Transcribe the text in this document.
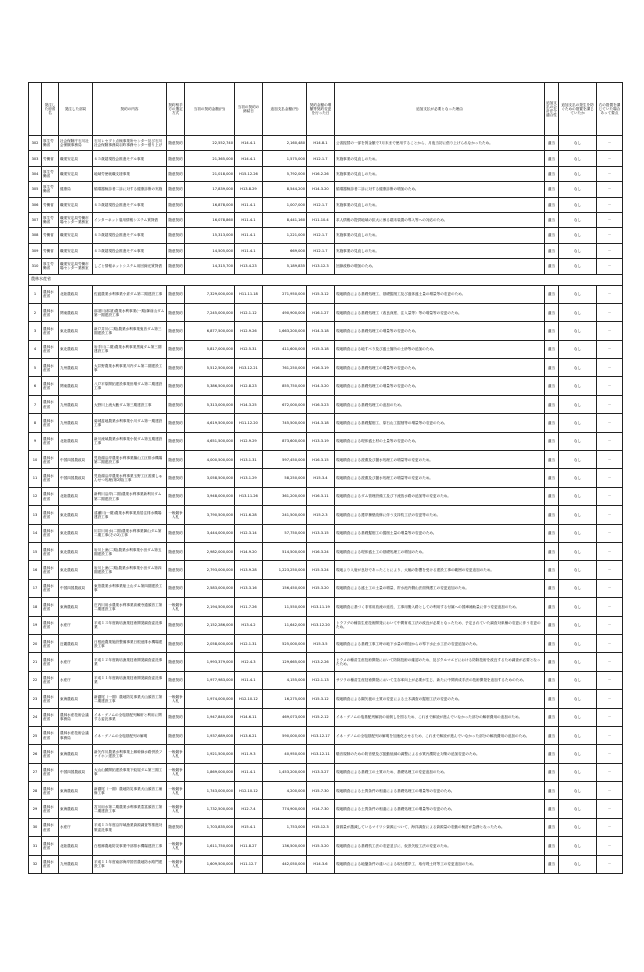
	発注した府省名	発注した部局	契約の内容	契約相手方の選定方式	当初の契約金額(円)	当初の契約の締結日	追加支払金額(円)	契約金額の増額等契約変更を行った日	追加支払が必要となった理由	追加支払の会計法令適合性	追加支払の発生を防ぐための措置を講じていたか	右の措置を講じていた場合あって要点
302	厚生労働省	社会保険庁石川社会保険事務局	石川レセプト点検事業所センター及び石川社会保険事務局羽咋事務センター借り上げ	随意契約	22,552,740	H14.4.1	2,160,480	H14.8.1	公害振替の一部を賃金額で7月末まで使用することから、月夜当初に借り上げられなかったため。	適当	なし	－
303	労働省	職業安定局	６５歳超現役会推進モデル事業	随意契約	21,365,000	H14.4.1	1,575,000	H12.1.7	実施事業の見直しのため。	適当	なし	－
304	厚生労働省	職業安定局	地域労使就職支援事業	随意契約	21,018,000	H15.12.26	5,792,000	H16.2.26	実施事業の見直しのため。	適当	なし	－
305	厚生労働省	健康局	循環器検診者二診に対する健康診断の実施	随意契約	17,839,000	H13.8.29	8,544,200	H14.3.20	循環器検診者二診に対する健康診断の増加のため。	適当	なし	－
306	労働省	職業安定局	６５歳超現役会推進モデル事業	随意契約	16,878,000	H11.4.1	1,007,000	H12.1.7	実施事業の見直しのため。	適当	なし	－
307	厚生労働省	職業安定局労働市場センター業務室	インターネット雇用情報システム賃貸借	随意契約	16,078,860	H11.4.1	8,441,160	H11.10.4	求人情報の提供地域の拡大に係る端末装置の導入等への対応のため。	適当	なし	－
308	労働省	職業安定局	６５歳超現役会推進モデル事業	随意契約	15,313,000	H11.4.1	1,221,000	H12.1.7	実施事業の見直しのため。	適当	なし	－
309	労働省	職業安定局	６５歳超現役会推進モデル事業	随意契約	14,505,000	H11.4.1	669,000	H12.1.7	実施事業の見直しのため。	適当	なし	－
310	厚生労働省	職業安定局労働市場センター業務室	しごと情報ネットシステム用回線光賃貸借	随意契約	14,315,700	H13.4.23	5,189,835	H13.12.3	回線改修の増加のため。	適当	なし	－
農林水産省												
1	農林水産省	北陸農政局	佐渡農業水利事業小倉ダム第二期建設工事	随意契約	7,329,000,000	H11.11.18	271,950,000	H15.3.12	現地精査による基礎処理工、基礎掘削工及び盛体盛土量の増量等の変更のため。	適当	なし	－
2	農林水産省	関東農政局	那須川(那須)農業水利事業(一期)御前山ダム第一期建設工事	随意契約	7,245,000,000	H12.1.12	490,900,000	H16.1.27	現地精査による基礎処理工（改良深度、注入量等）等の増量等の変更のため。	適当	なし	－
3	農林水産省	東北農政局	新戸井川(二期)農業水利事業鬼首ダム第三期建設工事	随意契約	6,877,500,000	H12.9.26	1,663,200,000	H14.3.18	現地精査による基礎処理工の増量等の変更のため。	適当	なし	－
4	農林水産省	東北農政局	岩手川(二期)農業水利事業黒滝ダム第三期建設工事	随意契約	5,817,000,000	H12.5.31	411,600,000	H15.3.18	現地精査による地すべり及び盛土箇所の土砂等の追加のため。	適当	なし	－
5	農林水産省	九州農政局	大井野農業水利事業川内ダム第二期建設工事	随意契約	5,512,500,000	H13.12.21	761,250,000	H16.3.19	現地精査による基礎処理工の増量等の変更のため。	適当	なし	－
6	農林水産省	関東農政局	八戸平原開拓建設事業世増ダム第二期建設工事	随意契約	5,386,500,000	H12.8.23	855,750,000	H14.3.20	現地精査による基礎処理工の増量等の変更のため。	適当	なし	－
7	農林水産省	九州農政局	大野川上流大藪ダム第三期建設工事	随意契約	5,313,000,000	H14.3.25	672,000,000	H16.3.23	現地精査による基礎処理工の追加のため。	適当	なし	－
8	農林水産省	九州農政局	菊城盆地農業水利事業小川ダム第一期建設工事	随意契約	4,619,500,000	H11.12.20	745,500,000	H14.3.18	現地精査による基礎掘削工、原石山工掘削等の増量等の変更のため。	適当	なし	－
9	農林水産省	北陸農政局	新川流域農業水利事業小俣ダム第五期建設工事	随意契約	4,651,500,000	H12.9.29	873,600,000	H13.3.19	現地精査による堤体盛土材の土量等の変更のため。	適当	なし	－
10	農林水産省	中国四国農政局	児島湖沿岸農業水利事業鍋山工区排水機場第二期建設工事	随意契約	4,000,500,000	H13.1.31	597,450,000	H16.3.15	現地精査による浚渫及び盤水処理工の増量等の変更のため。	適当	なし	－
11	農林水産省	中国四国農政局	児島湖沿岸農業水利事業玉野工区浚渫しゅんせつ処理(第2期)工事	随意契約	3,058,500,000	H13.1.29	58,250,000	H15.3.4	現地精査による浚渫及び盤水処理工の増量等の変更のため。	適当	なし	－
12	農林水産省	北陸農政局	新利川沿岸(二期)農業水利事業新利川ダム第二期建設工事	随意契約	3,948,000,000	H13.11.26	361,200,000	H16.3.11	現地精査によるダム管理設備工及び下流放水路の追加等の変更のため。	適当	なし	－
13	農林水産省	東北農政局	遠瀬川(一期)農業水利事業鳥居注排水機場建設工事	一般競争入札	3,790,500,000	H11.6.28	241,500,000	H15.2.3	現地精査による護岸擁壁改修に伴う支持杭工法の変更等のため。	適当	なし	－
14	農林水産省	東北農政局	川井川用水(二期)農業水利事業御山ダム第二期工事(その2)工事	随意契約	3,444,000,000	H12.3.14	57,750,000	H13.3.15	現地精査による基礎掘削工の掘削土量の増量等の変更のため。	適当	なし	－
15	農林水産省	東北農政局	岩川上流(二期)農業水利事業小田ダム第五期建設工事	随意契約	2,982,000,000	H14.9.20	514,500,000	H16.3.24	現地精査による堤体盛土工の基礎処理工の増加のため。	適当	なし	－
16	農林水産省	東北農政局	岩川上流(二期)農業水利事業小田ダム第四期建設工事	随意契約	2,793,000,000	H13.9.28	1,223,250,000	H15.3.24	現地より入射が良好であったことにより、大幅の影響を受ける建設工事の範囲の変更追加のため。	適当	なし	－
17	農林水産省	中国四国農政局	東伯農業水利事業船上山ダム第四期建設工事	随意契約	2,583,000,000	H13.3.16	156,450,000	H15.3.20	現地精査による盛土工の土量の増量、貯水池内側山法面保護工の変更追加のため。	適当	なし	－
18	農林水産省	東海農政局	庄内川用水農業水利事業高蔵寺通頭首工第二期建設工事	一般競争入札	2,194,500,000	H11.7.26	11,550,000	H13.11.19	現地精査に基づく非常用放流の延長、工事用搬入路としての利用する付属への国庫補助量に伴う変更追加のため。	適当	なし	－
19	農林水産省	水産庁	平成１３年度栽培漁業技術開発調査委託事業	随意契約	2,152,286,000	H13.4.2	11,642,000	H13.12.20	トラフグの種苗生産技術開発において中間育成工法の改良が必要となったため、予定されていた調査対象種の変更に伴う変更のため。	適当	なし	－
20	農林水産省	近畿農政局	日根池農業施設整備事業日根池排水機場建設工事	随意契約	2,058,000,000	H12.1.31	525,000,000	H15.3.5	現地精査による基礎工事工時の地下水量の増加からの導下水止水工法の変更追加のため。	適当	なし	－
21	農林水産省	水産庁	平成１２年度栽培漁業技術開発調査委託事業	随意契約	1,993,379,000	H12.4.3	129,665,000	H13.2.26	ヒラメの種苗生産技術開発において防除技術の確認のため、及びクルマエビにおける防除技術を改良するため調査が必要となったため。	適当	なし	－
22	農林水産省	水産庁	平成１１年度栽培漁業技術開発調査委託事業	随意契約	1,977,983,000	H11.4.1	4,155,000	H12.1.13	サワラの種苗生産技術開発において生存率向上が必要が生じ、新たに中間育成手法の技術開発を追加するためのため。	適当	なし	－
23	農林水産省	東海農政局	新濃尾（一期）農地防災事業犬山頭首工第二期建設工事	一般競争入札	1,974,000,000	H12.10.12	16,275,000	H15.3.12	現地精査による鋼矢板の土質の変更による土木調査の掘削工法の変更のため。	適当	なし	－
24	農林水産省	農林水産技術会議事務局	イネ・ゲノムの全塩基配列解析と利用に関する委託事業	随意契約	1,947,840,000	H14.6.11	469,073,000	H15.2.12	イネ・ゲノムの塩基配列解読の前倒しを図るため、これまで解読が進んでいなかった部分の解析費用の追加のため。	適当	なし	－
25	農林水産省	農林水産技術会議事務局	イネ・ゲノムの全塩基配列の解明	随意契約	1,937,689,000	H13.6.21	590,000,000	H13.12.17	イネ・ゲノムの全塩基配列の解明を加速化させるため、これまで解読が進んでいなかった部分の解読費用の追加のため。	適当	なし	－
26	農林水産省	東海農政局	新矢作川農業水利事業上郷幹線水路併設ファイホン建設工事	一般競争入札	1,921,500,000	H11.9.3	40,950,000	H13.12.11	騒音規制のための防音壁及び振動低減の調整による水質汚濁防止対策の追加変更のため。	適当	なし	－
27	農林水産省	中国四国農政局	大山山麓開拓建設事業下蚊屋ダム第三期工事	一般競争入札	1,869,000,000	H11.4.1	1,453,200,000	H13.3.27	現地精査による基礎工の土質のため、基礎処理工の変更追加のため。	適当	なし	－
28	農林水産省	東海農政局	新濃尾（一期）農地防災事業犬山頭首工補修工事	一般競争入札	1,743,000,000	H12.10.12	4,200,000	H15.7.30	現地精査による土質条件の相違による基礎処理工の増量等の変更のため。	適当	なし	－
29	農林水産省	東海農政局	宮川用水第二期農業水利事業豊富頭首工第二期建設工事	一般競争入札	1,732,500,000	H12.7.4	774,900,000	H14.7.30	現地精査による土質条件の相違による基礎処理工の増量等の変更のため。	適当	なし	－
30	農林水産省	水産庁	平成１５年度沿岸域漁業資源調査等推進対策委託事業	随意契約	1,703,835,000	H15.4.1	1,753,000	H15.12.3	資源量が激減しているマイワシ資源について、海洋調査による資源量の変動の検討が急務となったため。	適当	なし	－
31	農林水産省	北陸農政局	白根郷農地防災事業中部排水機場建設工事	一般競争入札	1,611,750,000	H11.8.27	136,500,000	H15.3.20	現地精査による基礎杭工法の変更並びに、仮設矢板工法の変更のため。	適当	なし	－
32	農林水産省	九州農政局	平成１１年度南部海岸国営農地防水路門建設工事	一般競争入札	1,609,500,000	H11.12.7	442,050,000	H14.3.6	現地精査による地盤条件の違いによる取付護岸工、取付堤土材等工の変更追加のため。	適当	なし	－
